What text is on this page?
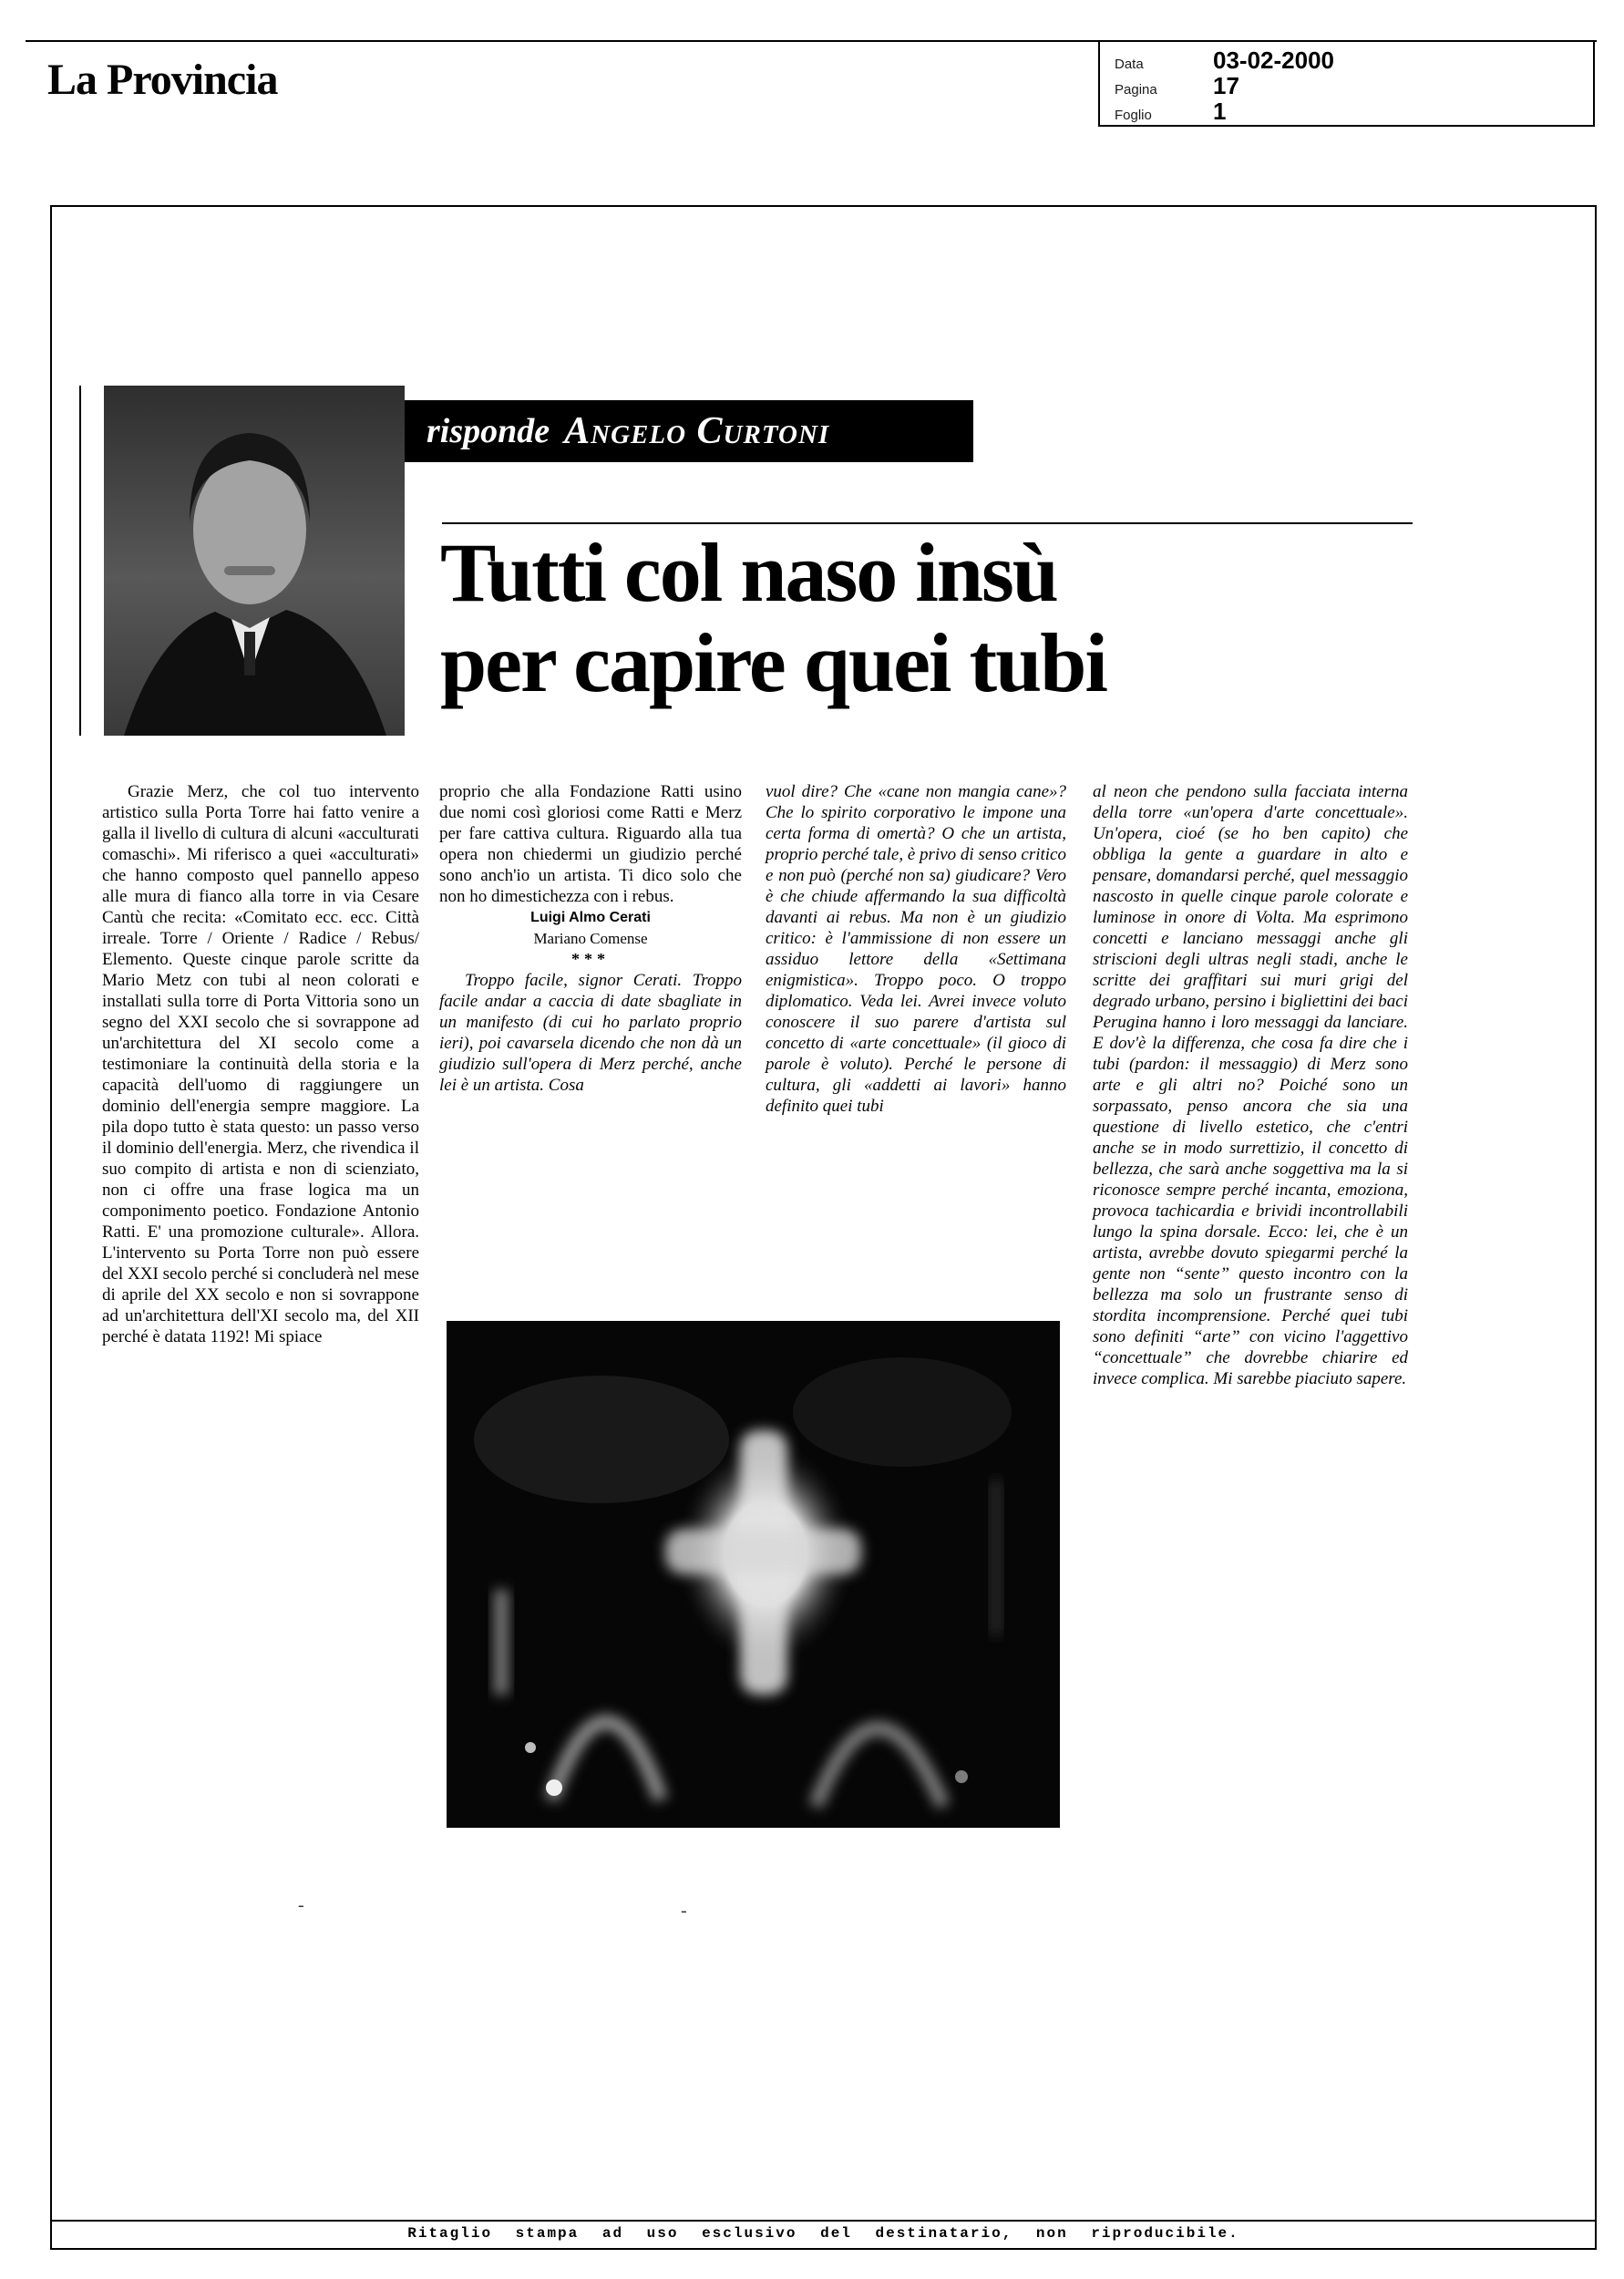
La Provincia	Data	03-02-2000
Pagina	17
Foglio	1
risponde Angelo Curtoni
Tutti col naso insù
per capire quei tubi

Grazie Merz, che col tuo intervento artistico sulla Porta Torre hai fatto venire a galla il livello di cultura di alcuni «acculturati comaschi». Mi riferisco a quei «acculturati» che hanno composto quel pannello appeso alle mura di fianco alla torre in via Cesare Cantù che recita: «Comitato ecc. ecc. Città irreale. Torre / Oriente / Radice / Rebus/ Elemento. Queste cinque parole scritte da Mario Metz con tubi al neon colorati e installati sulla torre di Porta Vittoria sono un segno del XXI secolo che si sovrappone ad un'architettura del XI secolo come a testimoniare la continuità della storia e la capacità dell'uomo di raggiungere un dominio dell'energia sempre maggiore. La pila dopo tutto è stata questo: un passo verso il dominio dell'energia. Merz, che rivendica il suo compito di artista e non di scienziato, non ci offre una frase logica ma un componimento poetico. Fondazione Antonio Ratti. E' una promozione culturale». Allora. L'intervento su Porta Torre non può essere del XXI secolo perché si concluderà nel mese di aprile del XX secolo e non si sovrappone ad un'architettura dell'XI secolo ma, del XII perché è datata 1192! Mi spiace

proprio che alla Fondazione Ratti usino due nomi così gloriosi come Ratti e Merz per fare cattiva cultura. Riguardo alla tua opera non chiedermi un giudizio perché sono anch'io un artista. Ti dico solo che non ho dimestichezza con i rebus.

Luigi Almo Cerati

Mariano Comense

***

Troppo facile, signor Cerati. Troppo facile andar a caccia di date sbagliate in un manifesto (di cui ho parlato proprio ieri), poi cavarsela dicendo che non dà un giudizio sull'opera di Merz perché, anche lei è un artista. Cosa

vuol dire? Che «cane non mangia cane»? Che lo spirito corporativo le impone una certa forma di omertà? O che un artista, proprio perché tale, è privo di senso critico e non può (perché non sa) giudicare? Vero è che chiude affermando la sua difficoltà davanti ai rebus. Ma non è un giudizio critico: è l'ammissione di non essere un assiduo lettore della «Settimana enigmistica». Troppo poco. O troppo diplomatico. Veda lei. Avrei invece voluto conoscere il suo parere d'artista sul concetto di «arte concettuale» (il gioco di parole è voluto). Perché le persone di cultura, gli «addetti ai lavori» hanno definito quei tubi

al neon che pendono sulla facciata interna della torre «un'opera d'arte concettuale». Un'opera, cioé (se ho ben capito) che obbliga la gente a guardare in alto e pensare, domandarsi perché, quel messaggio nascosto in quelle cinque parole colorate e luminose in onore di Volta. Ma esprimono concetti e lanciano messaggi anche gli striscioni degli ultras negli stadi, anche le scritte dei graffitari sui muri grigi del degrado urbano, persino i bigliettini dei baci Perugina hanno i loro messaggi da lanciare. E dov'è la differenza, che cosa fa dire che i tubi (pardon: il messaggio) di Merz sono arte e gli altri no? Poiché sono un sorpassato, penso ancora che sia una questione di livello estetico, che c'entri anche se in modo surrettizio, il concetto di bellezza, che sarà anche soggettiva ma la si riconosce sempre perché incanta, emoziona, provoca tachicardia e brividi incontrollabili lungo la spina dorsale. Ecco: lei, che è un artista, avrebbe dovuto spiegarmi perché la gente non “sente” questo incontro con la bellezza ma solo un frustrante senso di stordita incomprensione. Perché quei tubi sono definiti “arte” con vicino l'aggettivo “concettuale” che dovrebbe chiarire ed invece complica. Mi sarebbe piaciuto sapere.

-	-
Ritaglio stampa ad uso esclusivo del destinatario, non riproducibile.
